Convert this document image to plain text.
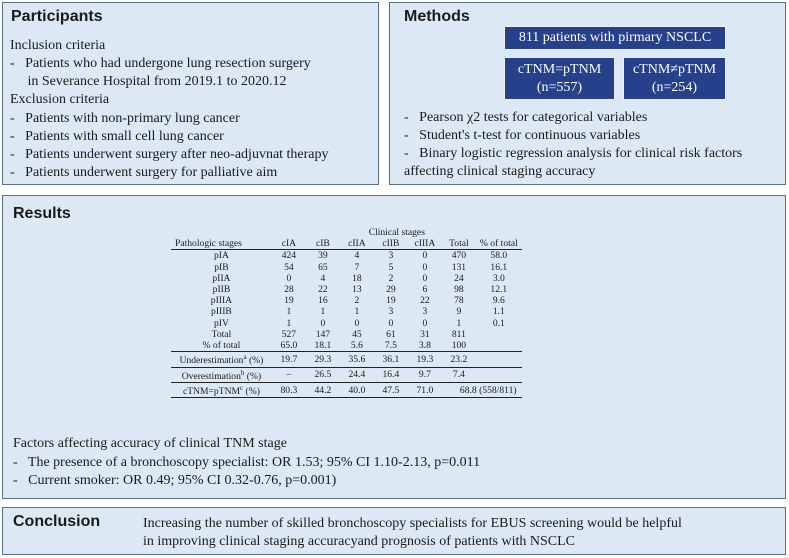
Participants
Inclusion criteria
-   Patients who had undergone lung resection surgery
in Severance Hospital from 2019.1 to 2020.12
Exclusion criteria
-   Patients with non-primary lung cancer
-   Patients with small cell lung cancer
-   Patients underwent surgery after neo-adjuvnat therapy
-   Patients underwent surgery for palliative aim
Methods
811 patients with pirmary NSCLC
cTNM=pTNM
(n=557)
cTNM≠pTNM
(n=254)
-   Pearson χ2 tests for categorical variables
-   Student's t-test for continuous variables
-   Binary logistic regression analysis for clinical risk factors
affecting clinical staging accuracy
Results
	Clinical stages						
Pathologic stages	cIA	cIB	cIIA	cIIB	cIIIA	Total	% of total
pIA	424	39	4	3	0	470	58.0
pIB	54	65	7	5	0	131	16.1
pIIA	0	4	18	2	0	24	3.0
pIIB	28	22	13	29	6	98	12.1
pIIIA	19	16	2	19	22	78	9.6
pIIIB	1	1	1	3	3	9	1.1
pIV	1	0	0	0	0	1	0.1
Total	527	147	45	61	31	811	
% of total	65.0	18.1	5.6	7.5	3.8	100	
Underestimation$^a$ (%)	19.7	29.3	35.6	36.1	19.3	23.2	
Overestimation$^b$ (%)	–	26.5	24.4	16.4	9.7	7.4	
cTNM=pTNM$^c$ (%)	80.3	44.2	40.0	47.5	71.0	68.8 (558/811)	
Factors affecting accuracy of clinical TNM stage
-   The presence of a bronchoscopy specialist: OR 1.53; 95% CI 1.10-2.13, p=0.011
-   Current smoker: OR 0.49; 95% CI 0.32-0.76, p=0.001)
Conclusion	Increasing the number of skilled bronchoscopy specialists for EBUS screening would be helpful
in improving clinical staging accuracyand prognosis of patients with NSCLC
